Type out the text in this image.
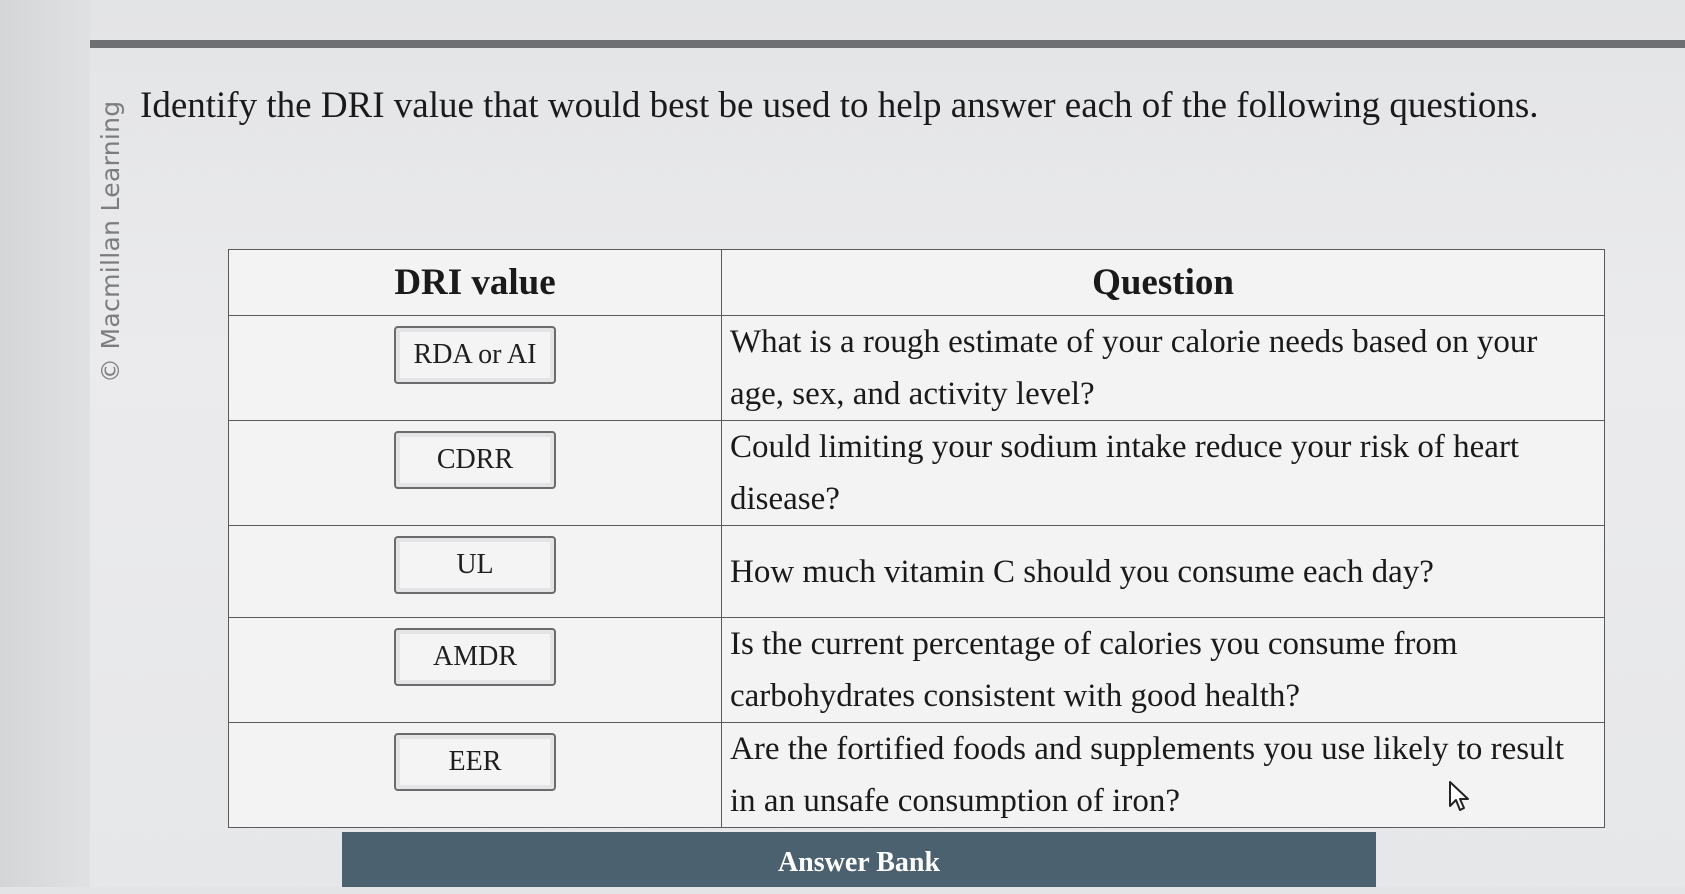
© Macmillan Learning Identify the DRI value that would best be used to help answer each of the following questions.
DRI value	Question
RDA or AI	What is a rough estimate of your calorie needs based on your age, sex, and activity level?
CDRR	Could limiting your sodium intake reduce your risk of heart disease?
UL	How much vitamin C should you consume each day?
AMDR	Is the current percentage of calories you consume from carbohydrates consistent with good health?
EER	Are the fortified foods and supplements you use likely to result in an unsafe consumption of iron?
Answer Bank
